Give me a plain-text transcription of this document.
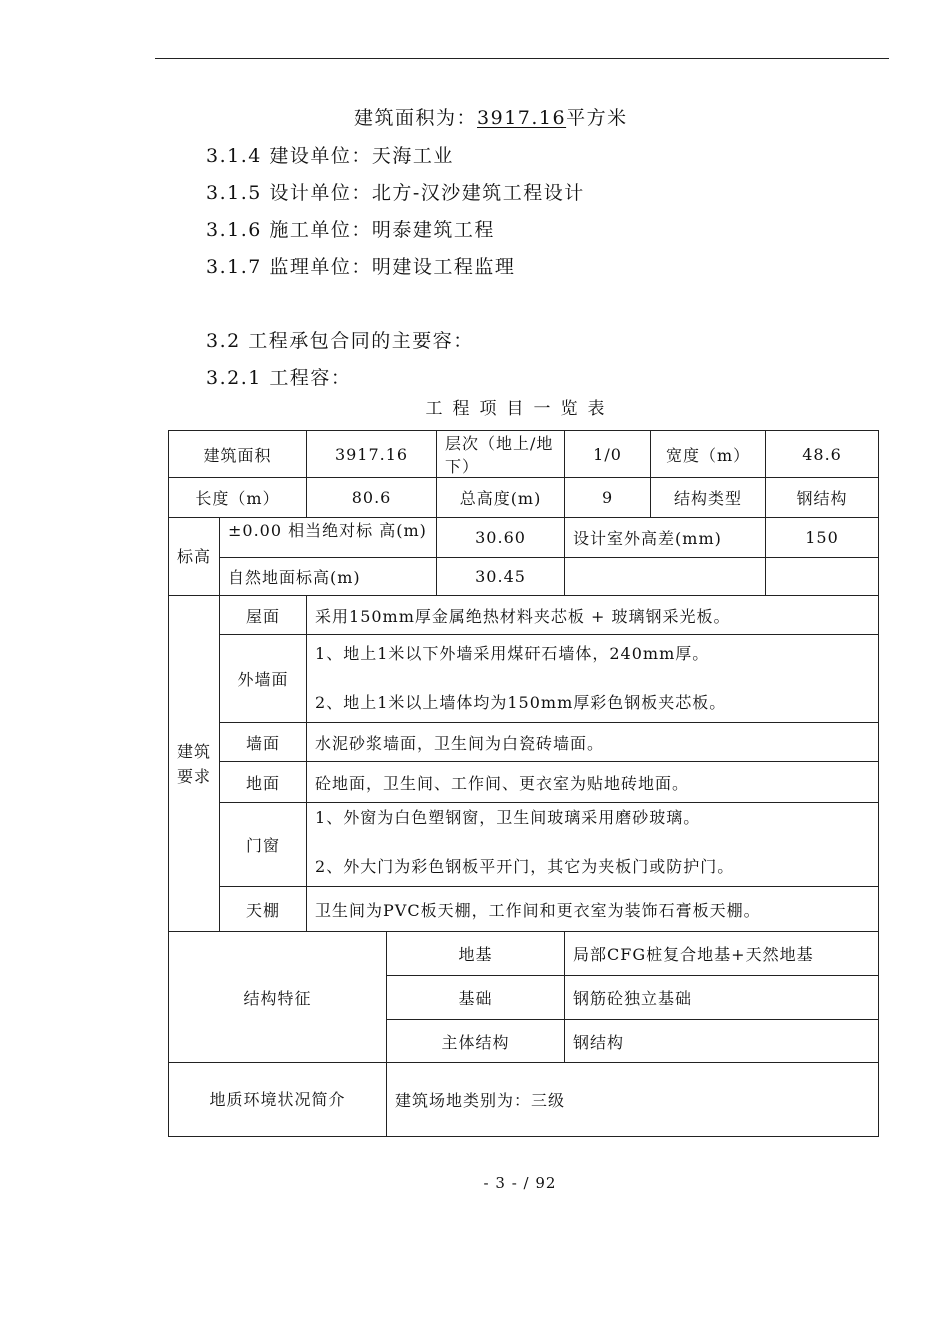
建筑面积为：3917.16平方米
3.1.4 建设单位：天海工业
3.1.5 设计单位：北方-汉沙建筑工程设计
3.1.6 施工单位：明泰建筑工程
3.1.7 监理单位：明建设工程监理
3.2 工程承包合同的主要容：
3.2.1 工程容：
工程项目一览表
建筑面积		3917.16		层次（地上/地下）	1/0	宽度（m）	48.6
长度（m）		80.6		总高度(m)	9	结构类型	钢结构
标高	±0.00 相当绝对标 高(m)			30.60	设计室外高差(mm)		150
	自然地面标高(m)			30.45			
建筑要求	屋面	采用150mm厚金属绝热材料夹芯板 + 玻璃钢采光板。					
	外墙面	1、地上1米以下外墙采用煤矸石墙体，240mm厚。
2、地上1米以上墙体均为150mm厚彩色钢板夹芯板。					

	墙面	水泥砂浆墙面，卫生间为白瓷砖墙面。					
	地面	砼地面，卫生间、工作间、更衣室为贴地砖地面。					
	门窗	1、外窗为白色塑钢窗，卫生间玻璃采用磨砂玻璃。
2、外大门为彩色钢板平开门，其它为夹板门或防护门。					

	天棚	卫生间为PVC板天棚，工作间和更衣室为装饰石膏板天棚。					
结构特征			地基		局部CFG桩复合地基+天然地基		
			基础		钢筋砼独立基础		
			主体结构		钢结构		
地质环境状况简介			建筑场地类别为：三级				
- 3 - / 92
